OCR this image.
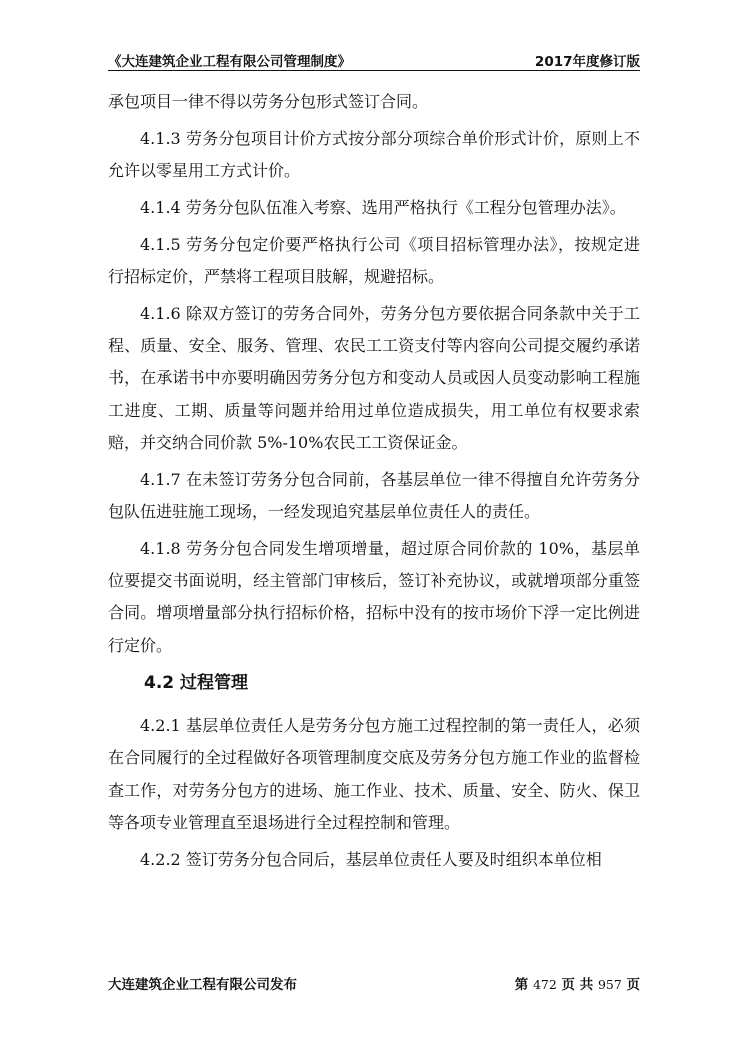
《大连建筑企业工程有限公司管理制度》	2017年度修订版

承包项目一律不得以劳务分包形式签订合同。

4.1.3 劳务分包项目计价方式按分部分项综合单价形式计价，原则上不允许以零星用工方式计价。

4.1.4 劳务分包队伍准入考察、选用严格执行《工程分包管理办法》。

4.1.5 劳务分包定价要严格执行公司《项目招标管理办法》，按规定进行招标定价，严禁将工程项目肢解，规避招标。

4.1.6 除双方签订的劳务合同外，劳务分包方要依据合同条款中关于工程、质量、安全、服务、管理、农民工工资支付等内容向公司提交履约承诺书，在承诺书中亦要明确因劳务分包方和变动人员或因人员变动影响工程施工进度、工期、质量等问题并给用过单位造成损失，用工单位有权要求索赔，并交纳合同价款 5%-10%农民工工资保证金。

4.1.7 在未签订劳务分包合同前，各基层单位一律不得擅自允许劳务分包队伍进驻施工现场，一经发现追究基层单位责任人的责任。

4.1.8 劳务分包合同发生增项增量，超过原合同价款的 10%，基层单位要提交书面说明，经主管部门审核后，签订补充协议，或就增项部分重签合同。增项增量部分执行招标价格，招标中没有的按市场价下浮一定比例进行定价。

4.2 过程管理

4.2.1 基层单位责任人是劳务分包方施工过程控制的第一责任人，必须在合同履行的全过程做好各项管理制度交底及劳务分包方施工作业的监督检查工作，对劳务分包方的进场、施工作业、技术、质量、安全、防火、保卫等各项专业管理直至退场进行全过程控制和管理。

4.2.2 签订劳务分包合同后，基层单位责任人要及时组织本单位相

大连建筑企业工程有限公司发布	第 472 页 共 957 页
